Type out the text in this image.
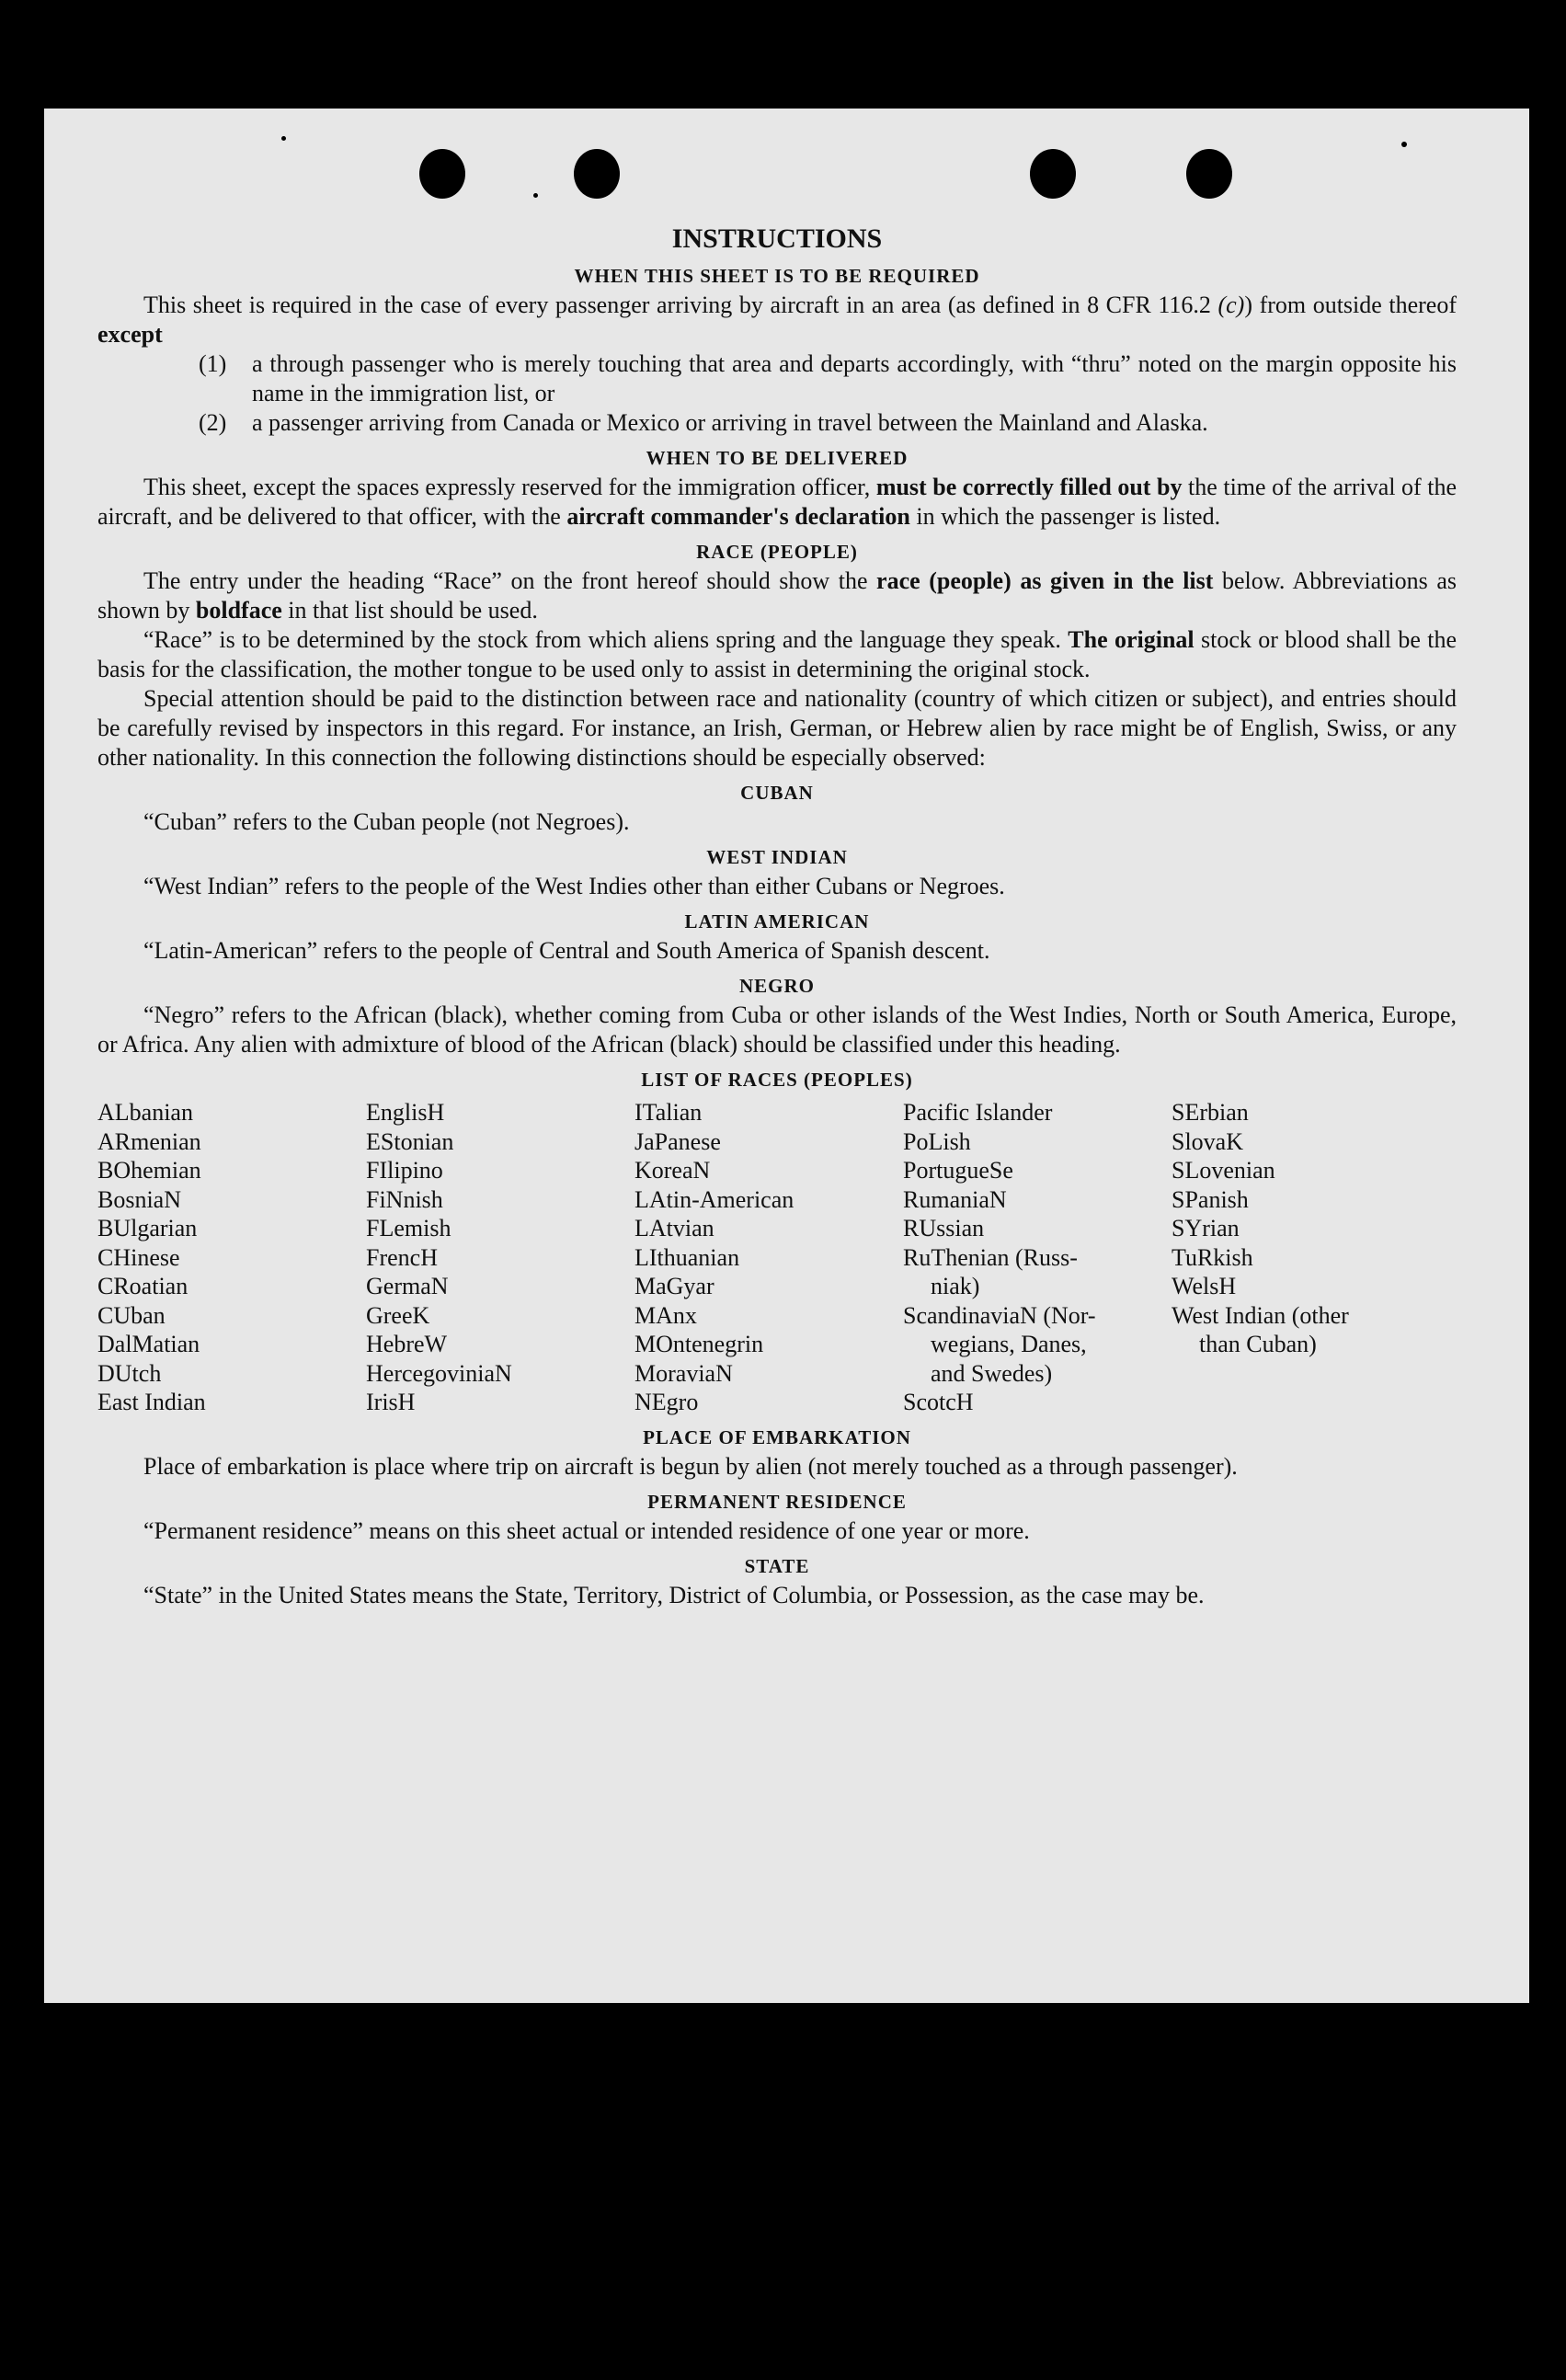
INSTRUCTIONS
WHEN THIS SHEET IS TO BE REQUIRED

This sheet is required in the case of every passenger arriving by aircraft in an area (as defined in 8 CFR 116.2 (c)) from outside thereof except

(1)	a through passenger who is merely touching that area and departs accordingly, with “thru” noted on the margin opposite his name in the immigration list, or
(2)	a passenger arriving from Canada or Mexico or arriving in travel between the Mainland and Alaska.
WHEN TO BE DELIVERED

This sheet, except the spaces expressly reserved for the immigration officer, must be correctly filled out by the time of the arrival of the aircraft, and be delivered to that officer, with the aircraft commander's declaration in which the passenger is listed.

RACE (PEOPLE)

The entry under the heading “Race” on the front hereof should show the race (people) as given in the list below. Abbreviations as shown by boldface in that list should be used.

“Race” is to be determined by the stock from which aliens spring and the language they speak. The original stock or blood shall be the basis for the classification, the mother tongue to be used only to assist in determining the original stock.

Special attention should be paid to the distinction between race and nationality (country of which citizen or subject), and entries should be carefully revised by inspectors in this regard. For instance, an Irish, German, or Hebrew alien by race might be of English, Swiss, or any other nationality. In this connection the following distinctions should be especially observed:

CUBAN

“Cuban” refers to the Cuban people (not Negroes).

WEST INDIAN

“West Indian” refers to the people of the West Indies other than either Cubans or Negroes.

LATIN AMERICAN

“Latin-American” refers to the people of Central and South America of Spanish descent.

NEGRO

“Negro” refers to the African (black), whether coming from Cuba or other islands of the West Indies, North or South America, Europe, or Africa. Any alien with admixture of blood of the African (black) should be classified under this heading.

LIST OF RACES (PEOPLES)
ALbanian
ARmenian
BOhemian
BosniaN
BUlgarian
CHinese
CRoatian
CUban
DalMatian
DUtch
East Indian
EnglisH
EStonian
FIlipino
FiNnish
FLemish
FrencH
GermaN
GreeK
HebreW
HercegoviniaN
IrisH
ITalian
JaPanese
KoreaN
LAtin-American
LAtvian
LIthuanian
MaGyar
MAnx
MOntenegrin
MoraviaN
NEgro
Pacific Islander
PoLish
PortugueSe
RumaniaN
RUssian
RuThenian (Russ-
niak)
ScandinaviaN (Nor-
wegians, Danes,
and Swedes)
ScotcH
SErbian
SlovaK
SLovenian
SPanish
SYrian
TuRkish
WelsH
West Indian (other
than Cuban)
PLACE OF EMBARKATION

Place of embarkation is place where trip on aircraft is begun by alien (not merely touched as a through passenger).

PERMANENT RESIDENCE

“Permanent residence” means on this sheet actual or intended residence of one year or more.

STATE

“State” in the United States means the State, Territory, District of Columbia, or Possession, as the case may be.
